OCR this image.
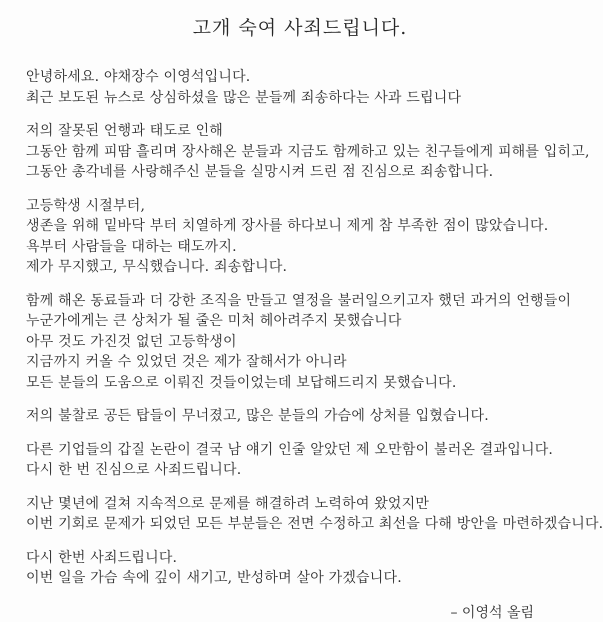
고개 숙여 사죄드립니다.
안녕하세요. 야채장수 이영석입니다.
최근 보도된 뉴스로 상심하셨을 많은 분들께 죄송하다는 사과 드립니다
저의 잘못된 언행과 태도로 인해
그동안 함께 피땀 흘리며 장사해온 분들과 지금도 함께하고 있는 친구들에게 피해를 입히고,
그동안 총각네를 사랑해주신 분들을 실망시켜 드린 점 진심으로 죄송합니다.
고등학생 시절부터,
생존을 위해 밑바닥 부터 치열하게 장사를 하다보니 제게 참 부족한 점이 많았습니다.
욕부터 사람들을 대하는 태도까지.
제가 무지했고, 무식했습니다. 죄송합니다.
함께 해온 동료들과 더 강한 조직을 만들고 열정을 불러일으키고자 했던 과거의 언행들이
누군가에게는 큰 상처가 될 줄은 미처 헤아려주지 못했습니다
아무 것도 가진것 없던 고등학생이
지금까지 커올 수 있었던 것은 제가 잘해서가 아니라
모든 분들의 도움으로 이뤄진 것들이었는데 보답해드리지 못했습니다.
저의 불찰로 공든 탑들이 무너졌고, 많은 분들의 가슴에 상처를 입혔습니다.
다른 기업들의 갑질 논란이 결국 남 얘기 인줄 알았던 제 오만함이 불러온 결과입니다.
다시 한 번 진심으로 사죄드립니다.
지난 몇년에 걸쳐 지속적으로 문제를 해결하려 노력하여 왔었지만
이번 기회로 문제가 되었던 모든 부분들은 전면 수정하고 최선을 다해 방안을 마련하겠습니다.
다시 한번 사죄드립니다.
이번 일을 가슴 속에 깊이 새기고, 반성하며 살아 가겠습니다.
– 이영석 올림
